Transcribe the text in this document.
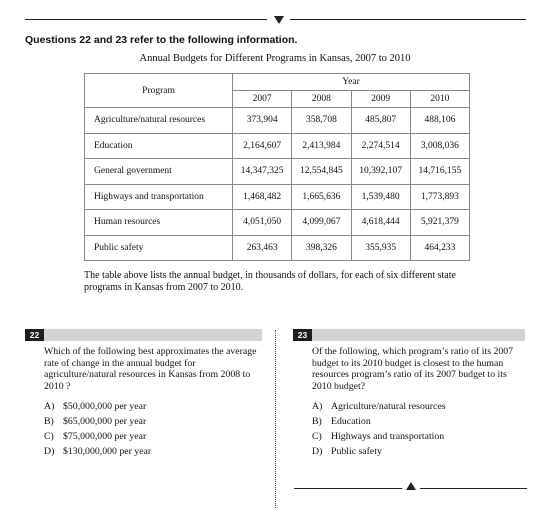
Questions 22 and 23 refer to the following information.
Annual Budgets for Different Programs in Kansas, 2007 to 2010
Program	Year			
	2007	2008	2009	2010
Agriculture/natural resources	373,904	358,708	485,807	488,106
Education	2,164,607	2,413,984	2,274,514	3,008,036
General government	14,347,325	12,554,845	10,392,107	14,716,155
Highways and transportation	1,468,482	1,665,636	1,539,480	1,773,893
Human resources	4,051,050	4,099,067	4,618,444	5,921,379
Public safety	263,463	398,326	355,935	464,233
The table above lists the annual budget, in thousands of dollars, for each of six different state programs in Kansas from 2007 to 2010.
22
Which of the following best approximates the average rate of change in the annual budget for agriculture/natural resources in Kansas from 2008 to 2010 ?
A) $50,000,000 per year
B) $65,000,000 per year
C) $75,000,000 per year
D) $130,000,000 per year
23
Of the following, which program’s ratio of its 2007 budget to its 2010 budget is closest to the human resources program’s ratio of its 2007 budget to its 2010 budget?
A) Agriculture/natural resources
B) Education
C) Highways and transportation
D) Public safety
